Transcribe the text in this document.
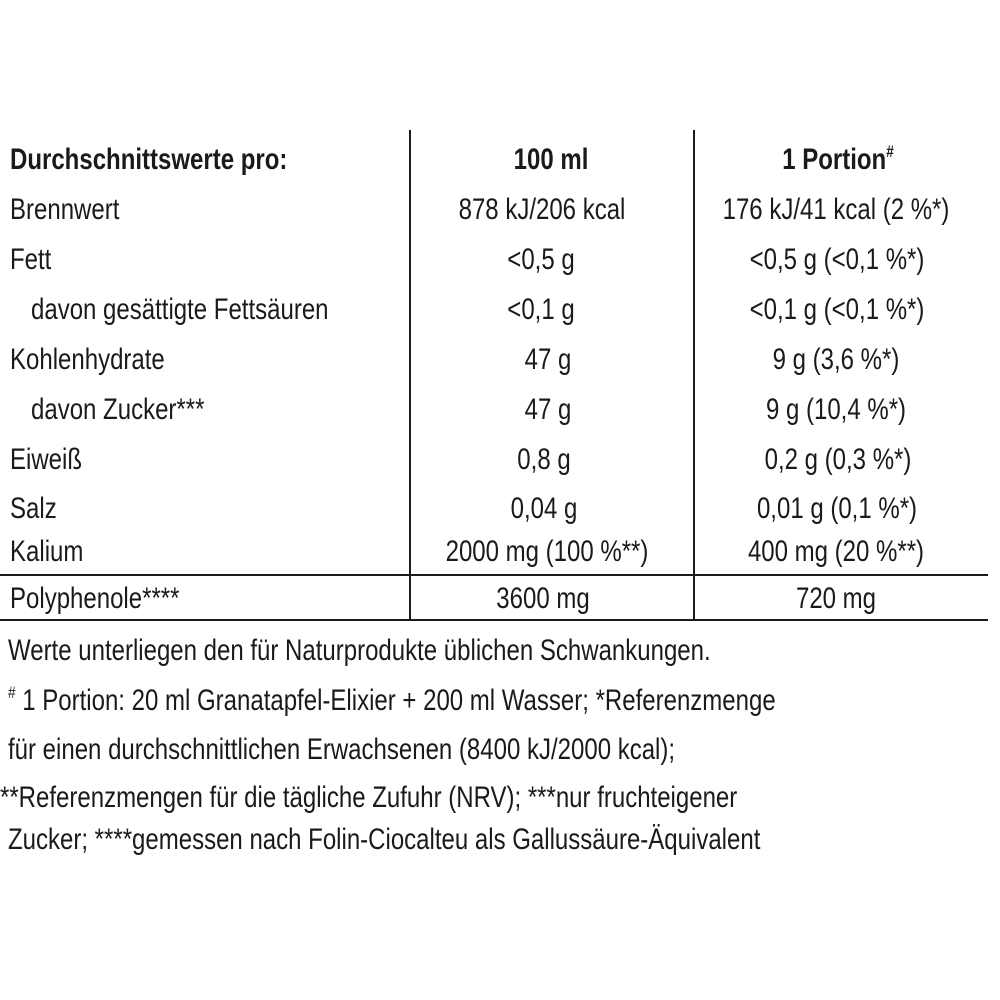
Durchschnittswerte pro:	100 ml	1 Portion#
Brennwert	878 kJ/206 kcal	176 kJ/41 kcal (2 %*)
Fett	<0,5 g	<0,5 g (<0,1 %*)
davon gesättigte Fettsäuren	<0,1 g	<0,1 g (<0,1 %*)
Kohlenhydrate	47 g	9 g (3,6 %*)
davon Zucker***	47 g	9 g (10,4 %*)
Eiweiß	0,8 g	0,2 g (0,3 %*)
Salz	0,04 g	0,01 g (0,1 %*)
Kalium	2000 mg (100 %**)	400 mg (20 %**)
Polyphenole****	3600 mg	720 mg
Werte unterliegen den für Naturprodukte üblichen Schwankungen.
# 1 Portion: 20 ml Granatapfel-Elixier + 200 ml Wasser; *Referenzmenge
für einen durchschnittlichen Erwachsenen (8400 kJ/2000 kcal);
**Referenzmengen für die tägliche Zufuhr (NRV); ***nur fruchteigener
Zucker; ****gemessen nach Folin-Ciocalteu als Gallussäure-Äquivalent
